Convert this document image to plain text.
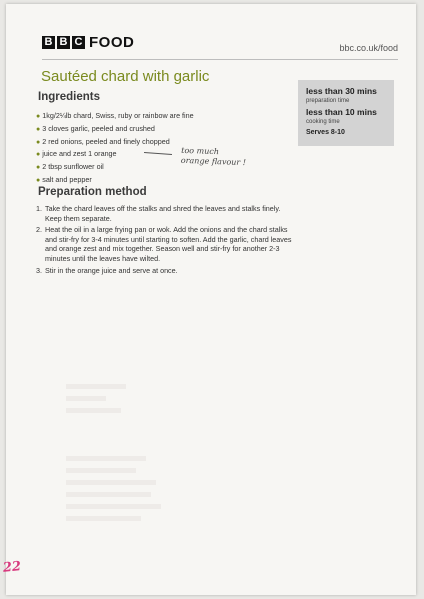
B B C FOOD	bbc.co.uk/food
Sautéed chard with garlic
less than 30 mins
preparation time
less than 10 mins
cooking time
Serves 8-10
Ingredients
● 1kg/2¼lb chard, Swiss, ruby or rainbow are fine
● 3 cloves garlic, peeled and crushed
● 2 red onions, peeled and finely chopped
● juice and zest 1 orange
● 2 tbsp sunflower oil
● salt and pepper
too much
orange flavour !
Preparation method
1. Take the chard leaves off the stalks and shred the leaves and stalks finely. Keep them separate.
2. Heat the oil in a large frying pan or wok. Add the onions and the chard stalks and stir-fry for 3-4 minutes until starting to soften. Add the garlic, chard leaves and orange zest and mix together. Season well and stir-fry for another 2-3 minutes until the leaves have wilted.
3. Stir in the orange juice and serve at once.
22
